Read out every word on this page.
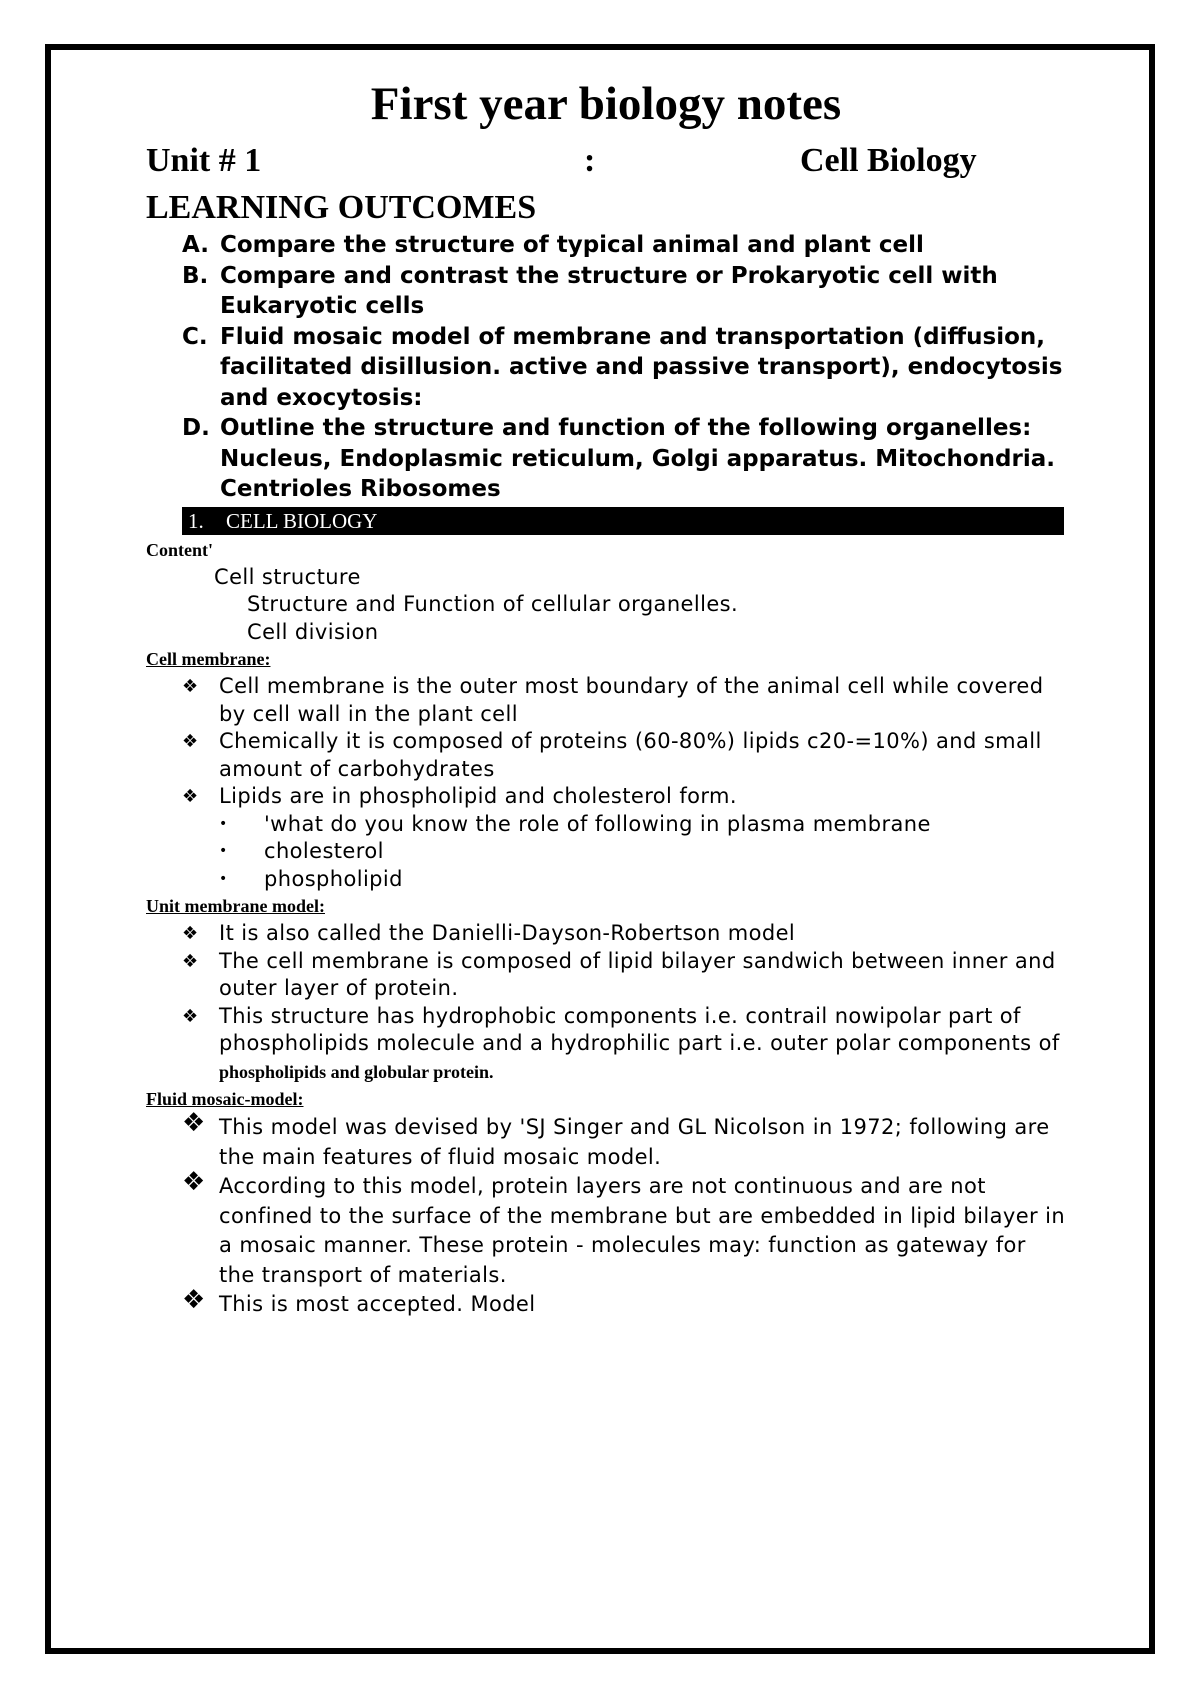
First year biology notes
Unit # 1	:	Cell Biology
LEARNING OUTCOMES
A. Compare the structure of typical animal and plant cell
B. Compare and contrast the structure or Prokaryotic cell with Eukaryotic cells
C. Fluid mosaic model of membrane and transportation (diffusion, facilitated disillusion. active and passive transport), endocytosis and exocytosis:
D. Outline the structure and function of the following organelles: Nucleus, Endoplasmic reticulum, Golgi apparatus. Mitochondria. Centrioles Ribosomes
1. CELL BIOLOGY
Content'
Cell structure
Structure and Function of cellular organelles.
Cell division
Cell membrane:
❖ Cell membrane is the outer most boundary of the animal cell while covered by cell wall in the plant cell
❖ Chemically it is composed of proteins (60-80%) lipids c20-=10%) and small amount of carbohydrates
❖ Lipids are in phospholipid and cholesterol form.
• 'what do you know the role of following in plasma membrane
• cholesterol
• phospholipid
Unit membrane model:
❖ It is also called the Danielli-Dayson-Robertson model
❖ The cell membrane is composed of lipid bilayer sandwich between inner and outer layer of protein.
❖ This structure has hydrophobic components i.e. contrail nowipolar part of phospholipids molecule and a hydrophilic part i.e. outer polar components of phospholipids and globular protein.
Fluid mosaic-model:
❖ This model was devised by 'SJ Singer and GL Nicolson in 1972; following are the main features of fluid mosaic model.
❖ According to this model, protein layers are not continuous and are not confined to the surface of the membrane but are embedded in lipid bilayer in a mosaic manner. These protein - molecules may: function as gateway for the transport of materials.
❖ This is most accepted. Model
